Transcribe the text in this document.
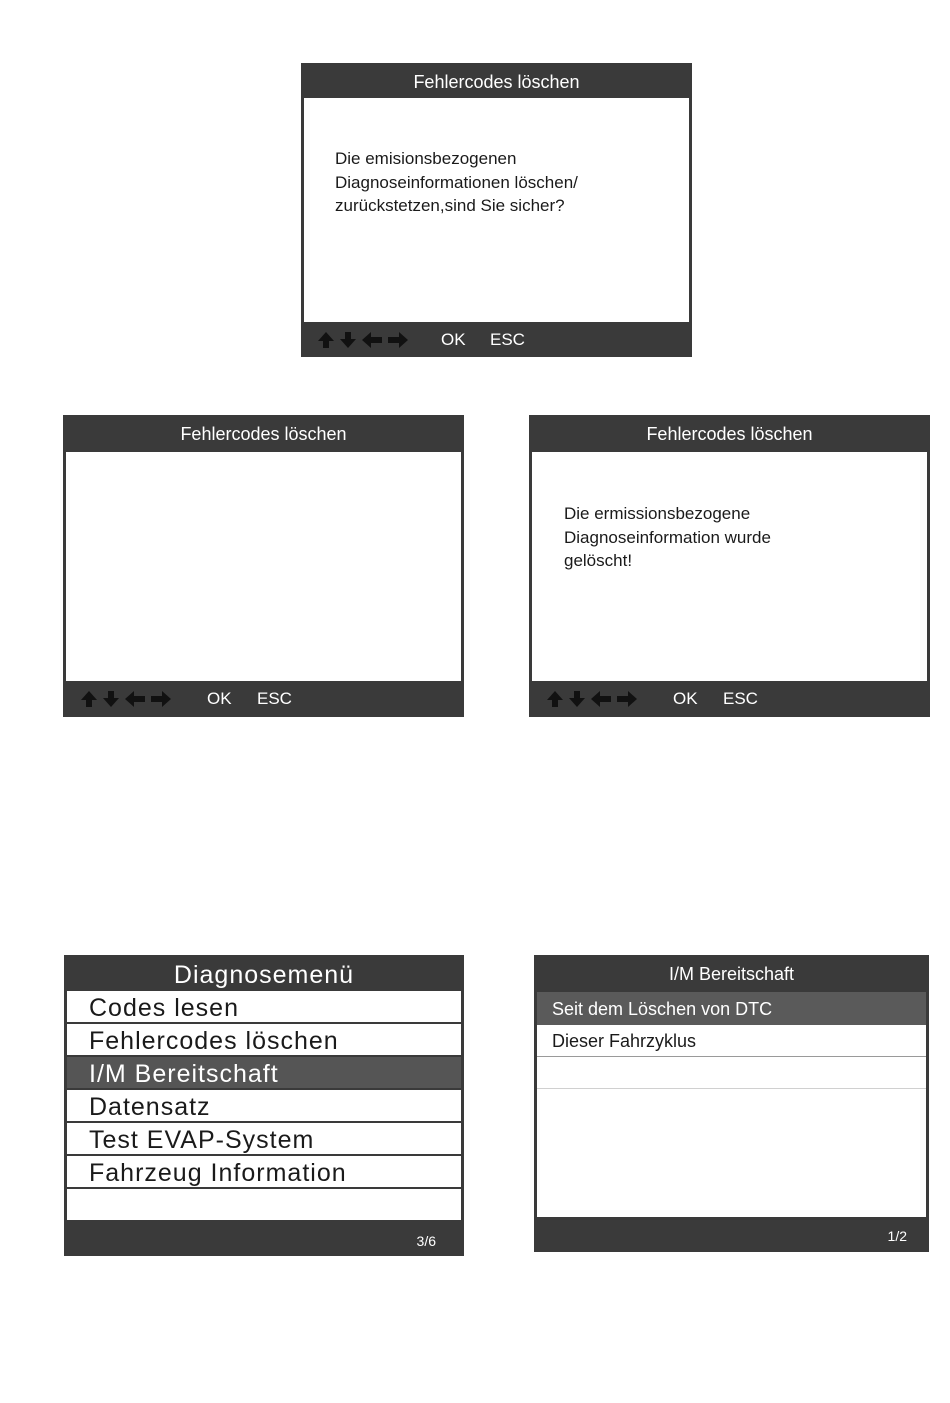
Fehlercodes löschen
Die emisionsbezogenen
Diagnoseinformationen löschen/
zurückstetzen,sind Sie sicher?
OK ESC
Fehlercodes löschen
OK ESC
Fehlercodes löschen
Die ermissionsbezogene
Diagnoseinformation wurde
gelöscht!
OK ESC
Diagnosemenü
Codes lesen
Fehlercodes löschen
I/M Bereitschaft
Datensatz
Test EVAP-System
Fahrzeug Information
3/6
I/M Bereitschaft
Seit dem Löschen von DTC
Dieser Fahrzyklus
1/2
